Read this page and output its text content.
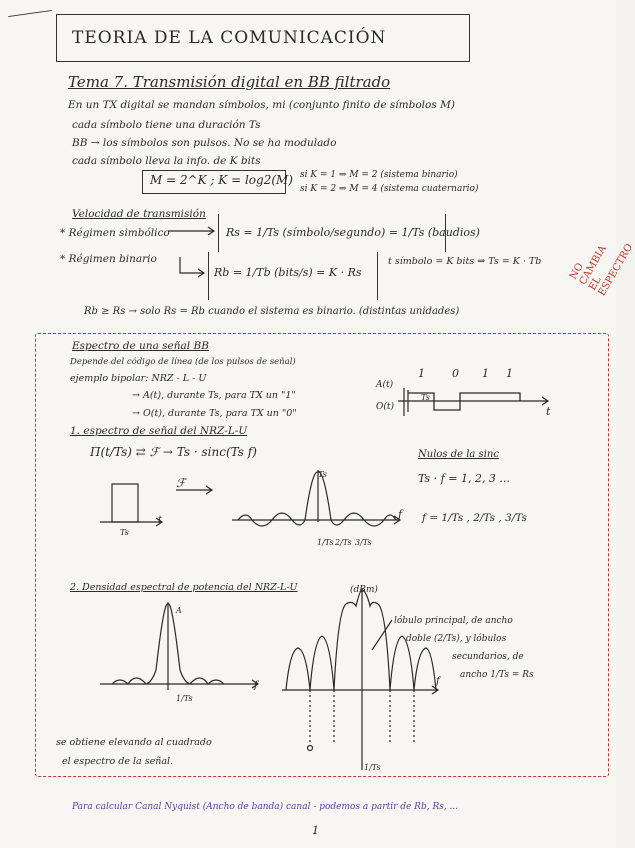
TEORIA DE LA COMUNICACIÓN
Tema 7. Transmisión digital en BB filtrado
En un TX digital se mandan símbolos, mi (conjunto finito de símbolos M)
cada símbolo tiene una duración Ts
BB → los símbolos son pulsos. No se ha modulado
cada símbolo lleva la info. de K bits
M = 2^K ; K = log2(M) si K = 1 ⇒ M = 2 (sistema binario)
si K = 2 ⇒ M = 4 (sistema cuaternario)
Velocidad de transmisión
* Régimen simbólico	Rs = 1/Ts (símbolo/segundo) = 1/Ts (baudios)
* Régimen binario
Rb = 1/Tb (bits/s) = K · Rs
t símbolo = K bits ⇒ Ts = K · Tb
Rb ≥ Rs → solo Rs = Rb cuando el sistema es binario. (distintas unidades)
NO CAMBIA EL ESPECTRO
Espectro de una señal BB
Depende del código de línea (de los pulsos de señal)
ejemplo bipolar: NRZ - L - U
→ A(t), durante Ts, para TX un "1"
→ O(t), durante Ts, para TX un "0"
A(t)
O(t)
1 0 1 1
Ts
t
1. espectro de señal del NRZ-L-U
Π(t/Ts) ⇄ ℱ → Ts · sinc(Ts f)	Nulos de la sinc
Ts · f = 1, 2, 3 ...
f = 1/Ts , 2/Ts , 3/Ts
ℱ
Ts
Ts
1/Ts 2/Ts 3/Ts
t	f
2. Densidad espectral de potencia del NRZ-L-U	(dBm)
lóbulo principal, de ancho
doble (2/Ts), y lóbulos
secundarios, de
ancho 1/Ts = Rs
A
1/Ts
f	f
1/Ts
se obtiene elevando al cuadrado
el espectro de la señal.
Para calcular Canal Nyquist (Ancho de banda) canal - podemos a partir de Rb, Rs, ...
1
